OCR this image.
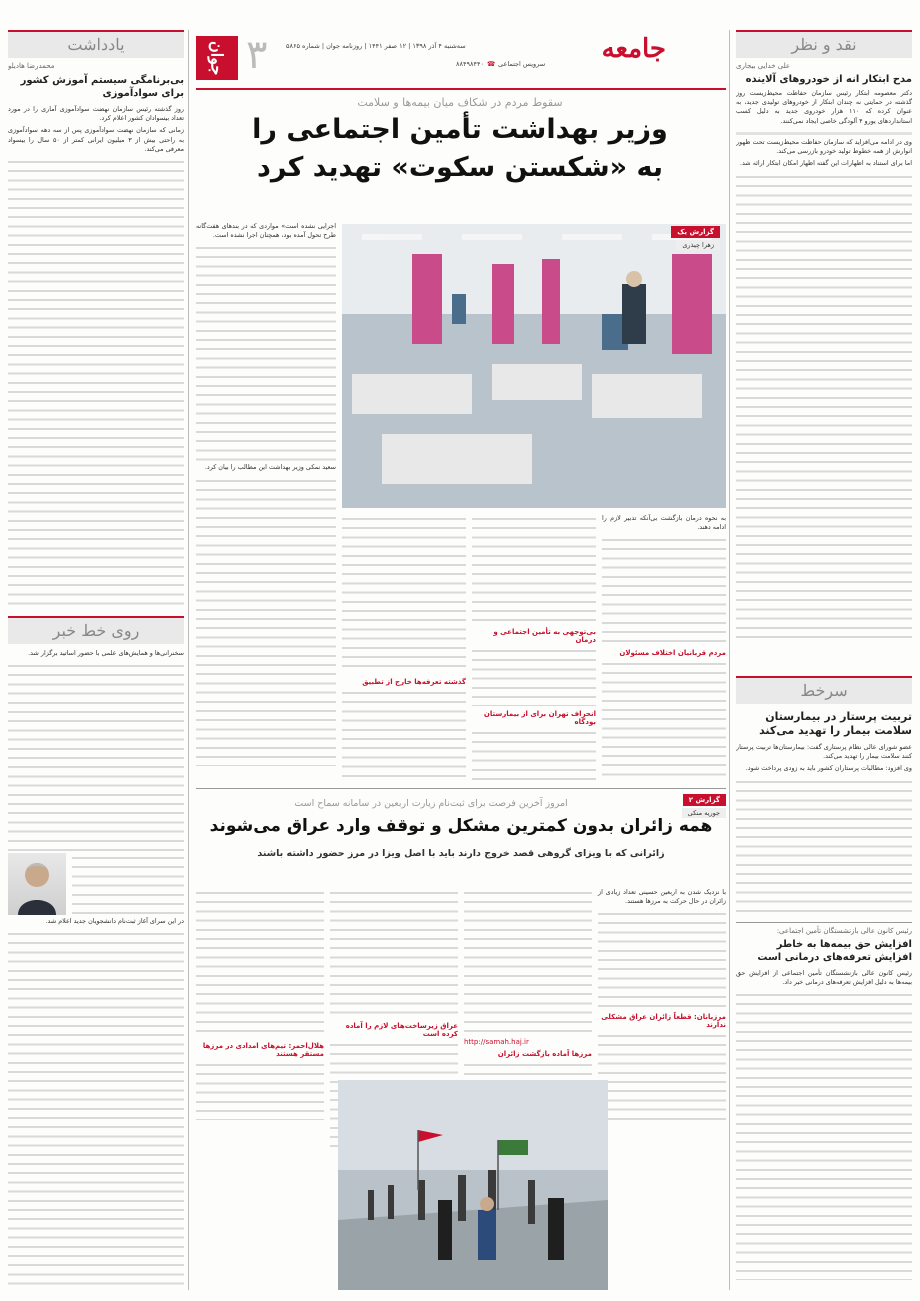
نقد و نظر
علی خدایی بیجاری
مدح ابتکار انه از خودروهای آلاینده

دکتر معصومه ابتکار رئیس سازمان حفاظت محیط‌زیست روز گذشته در حمایتی نه چندان ابتکار از خودروهای تولیدی جدید، به عنوان کرده که ۱۱۰ هزار خودروی جدید به دلیل کسب استاندارد‌های یورو ۴ آلودگی خاصی ایجاد نمی‌کنند.

وی در ادامه می‌افزاید که سازمان حفاظت محیط‌زیست تحت ظهور انوارش از همه خطوط تولید خودرو بازرسی می‌کند.

اما برای استناد به اظهارات این گفته اظهار امکان ابتکار ارائه شد.

سرخط
تربیت پرستار در بیمارستان سلامت بیمار را تهدید می‌کند

عضو شورای عالی نظام پرستاری گفت: بیمارستان‌ها تربیت پرستار کنند سلامت بیمار را تهدید می‌کند.

وی افزود: مطالبات پرستاران کشور باید به زودی پرداخت شود.

رئیس کانون عالی بازنشستگان تأمین اجتماعی:
افزایش حق بیمه‌ها به خاطر افزایش تعرفه‌های درمانی است

رئیس کانون عالی بازنشستگان تأمین اجتماعی از افزایش حق بیمه‌ها به دلیل افزایش تعرفه‌های درمانی خبر داد.

یادداشت
محمدرضا هادیلو
بی‌برنامگی سیستم آموزش کشور برای سواد‌آموزی

روز گذشته رئیس سازمان نهضت سوادآموزی آماری را در مورد تعداد بیسوادان کشور اعلام کرد.

زمانی که سازمان نهضت سوادآموزی پس از سه دهه سوادآموزی به راحتی بیش از ۳ میلیون ایرانی کمتر از ۵۰ سال را بیسواد معرفی می‌کند.

روی خط خبر

سخنرانی‌ها و همایش‌های علمی با حضور اساتید برگزار شد.

در این سرای آغاز ثبت‌نام دانشجویان جدید اعلام شد.

جوان ۳	جامعه
سه‌شنبه ۴ آذر ۱۳۹۸ | ۱۲ صفر ۱۴۴۱ | روزنامه جوان | شماره ۵۸۶۵
سرویس اجتماعی
☎
۸۸۴۹۸۴۴۰
سقوط مردم در شکاف میان بیمه‌ها و سلامت
وزیر بهداشت تأمین اجتماعی را
به «شکستن سکوت» تهدید کرد

اجرایی نشده است» موارد‌ی که در بندهای هفت‌گانه طرح تحول آمده بود، همچنان اجرا نشده است.

سعید نمکی وزیر بهداشت این مطالب را بیان کرد.

گزارش یک
زهرا چیذری

به نحوه درمان بازگشت بی‌آنکه تدبیر لازم را ادامه دهند.

مردم قربانیان اختلاف مسئولان
بی‌توجهی به تأمین اجتماعی و درمان
انحراف تهران برای از بیمارستان بودگاه
گذشته تعرفه‌ها خارج از تطبیق
گزارش ۲
جوریه منکی
امروز آخرین فرصت برای ثبت‌نام زیارت اربعین در سامانه سماح است
همه زائران بدون کمترین مشکل و توقف وارد عراق می‌شوند
زائرانی که با ویزای گروهی قصد خروج دارند باید با اصل ویزا در مرز حضور داشته باشند

با نزدیک شدن به اربعین حسینی تعداد زیادی از زائران در حال حرکت به مرزها هستند.

مرزبانان: قطعاً زائران عراق مشکلی ندارند
http://samah.haj.ir
مرزها آماده بازگشت زائران
عراق زیرساخت‌های لازم را آماده کرده است
هلال‌احمر: تیم‌های امدادی در مرزها مستقر هستند
